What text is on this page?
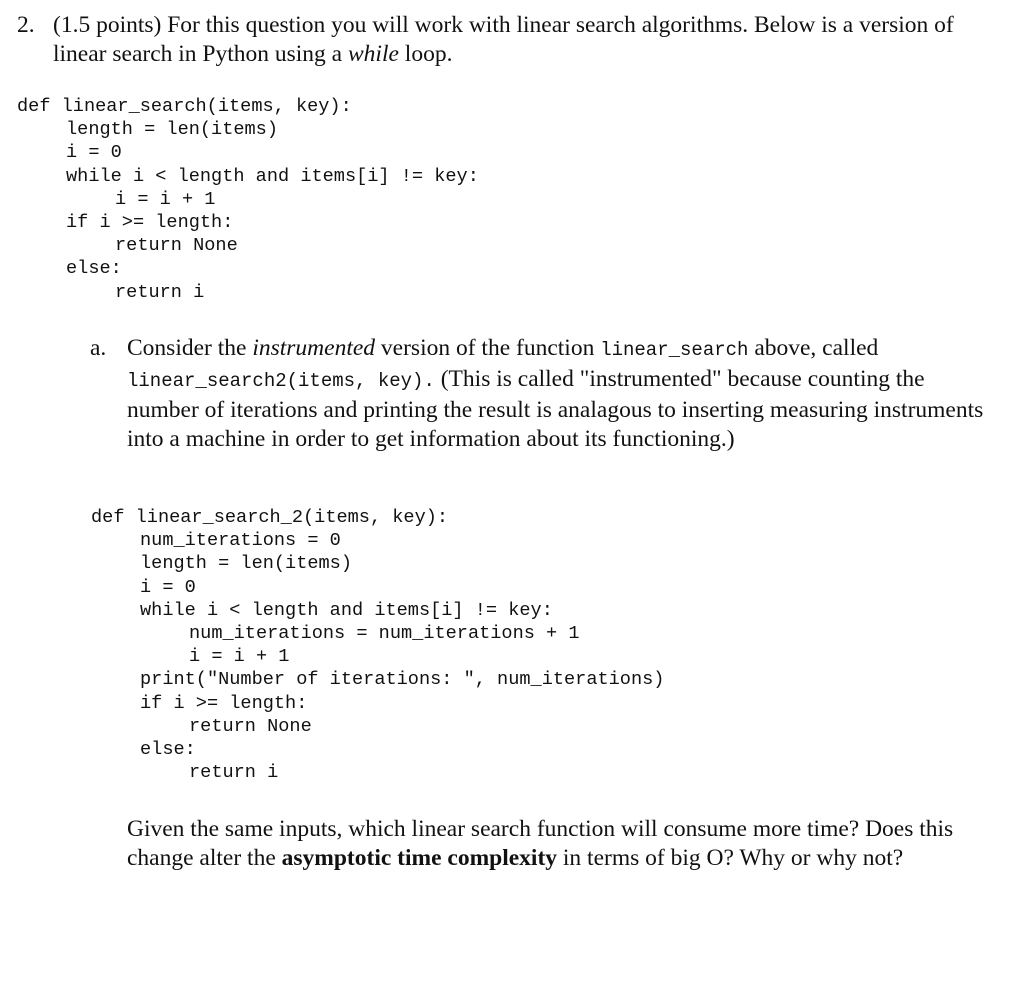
2. (1.5 points) For this question you will work with linear search algorithms. Below is a version of linear search in Python using a while loop.
def linear_search(items, key):
length = len(items)
i = 0
while i < length and items[i] != key:
i = i + 1
if i >= length:
return None
else:
return i
a. Consider the instrumented version of the function linear_search above, called linear_search2(items, key). (This is called "instrumented" because counting the number of iterations and printing the result is analagous to inserting measuring instruments into a machine in order to get information about its functioning.)
def linear_search_2(items, key):
num_iterations = 0
length = len(items)
i = 0
while i < length and items[i] != key:
num_iterations = num_iterations + 1
i = i + 1
print("Number of iterations: ", num_iterations)
if i >= length:
return None
else:
return i
Given the same inputs, which linear search function will consume more time? Does this change alter the asymptotic time complexity in terms of big O? Why or why not?
